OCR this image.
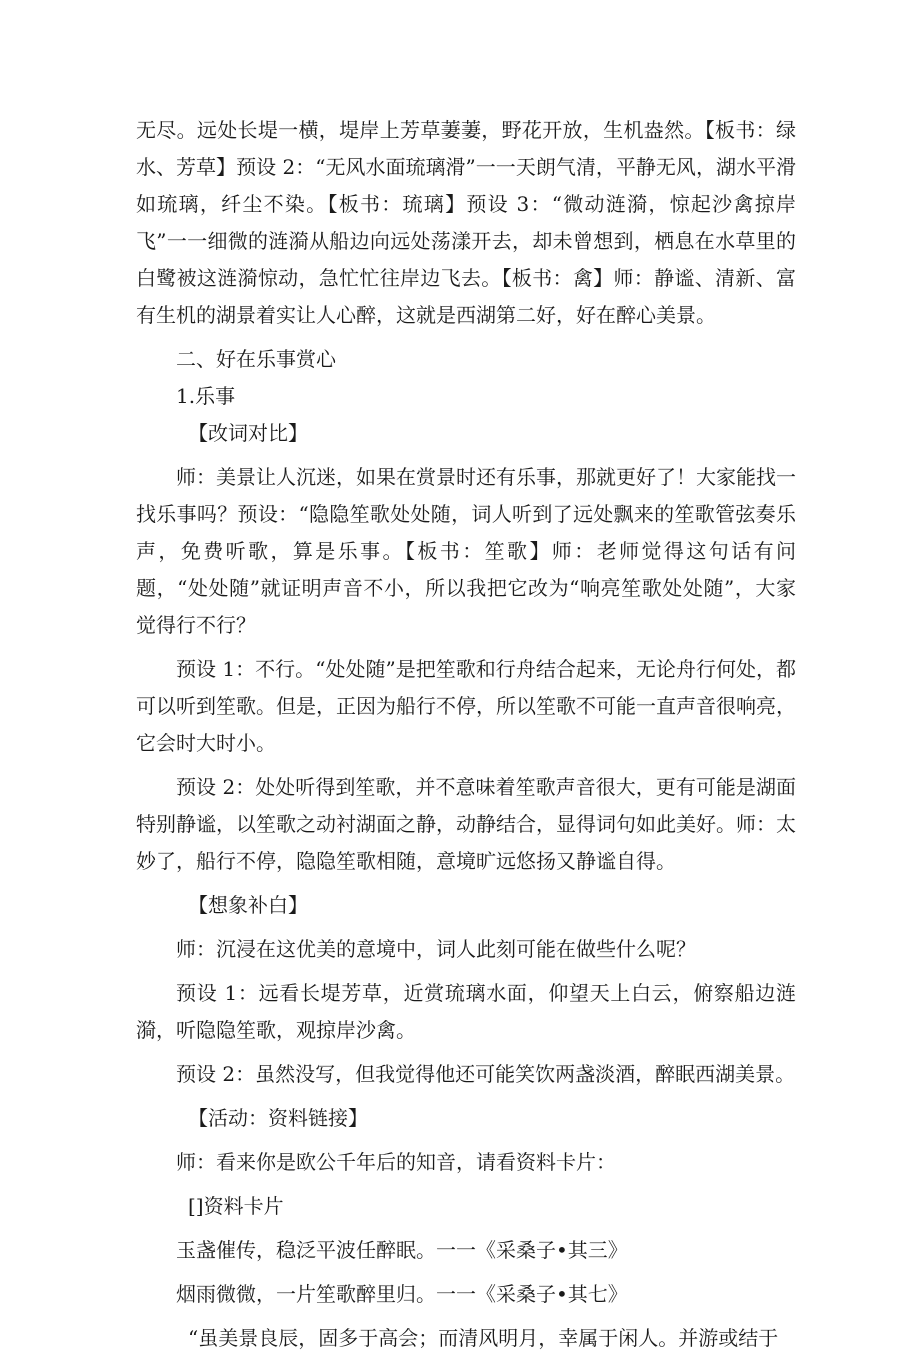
无尽。远处长堤一横，堤岸上芳草萋萋，野花开放，生机盎然。【板书：绿水、芳草】预设 2：“无风水面琉璃滑”一一天朗气清，平静无风，湖水平滑如琉璃，纤尘不染。【板书：琉璃】预设 3：“微动涟漪，惊起沙禽掠岸飞”一一细微的涟漪从船边向远处荡漾开去，却未曾想到，栖息在水草里的白鹭被这涟漪惊动，急忙忙往岸边飞去。【板书：禽】师：静谧、清新、富有生机的湖景着实让人心醉，这就是西湖第二好，好在醉心美景。

二、好在乐事赏心

1.乐事

【改词对比】

师：美景让人沉迷，如果在赏景时还有乐事，那就更好了！大家能找一找乐事吗？预设：“隐隐笙歌处处随，词人听到了远处飘来的笙歌管弦奏乐声，免费听歌，算是乐事。【板书：笙歌】师：老师觉得这句话有问题，“处处随”就证明声音不小，所以我把它改为“响亮笙歌处处随”，大家觉得行不行？

预设 1：不行。“处处随”是把笙歌和行舟结合起来，无论舟行何处，都可以听到笙歌。但是，正因为船行不停，所以笙歌不可能一直声音很响亮，它会时大时小。

预设 2：处处听得到笙歌，并不意味着笙歌声音很大，更有可能是湖面特别静谧，以笙歌之动衬湖面之静，动静结合，显得词句如此美好。师：太妙了，船行不停，隐隐笙歌相随，意境旷远悠扬又静谧自得。

【想象补白】

师：沉浸在这优美的意境中，词人此刻可能在做些什么呢？

预设 1：远看长堤芳草，近赏琉璃水面，仰望天上白云，俯察船边涟漪，听隐隐笙歌，观掠岸沙禽。

预设 2：虽然没写，但我觉得他还可能笑饮两盏淡酒，醉眠西湖美景。

【活动：资料链接】

师：看来你是欧公千年后的知音，请看资料卡片：

[]资料卡片

玉盏催传，稳泛平波任醉眠。一一《采桑子•其三》

烟雨微微，一片笙歌醉里归。一一《采桑子•其七》

“虽美景良辰，固多于高会；而清风明月，幸属于闲人。并游或结于
